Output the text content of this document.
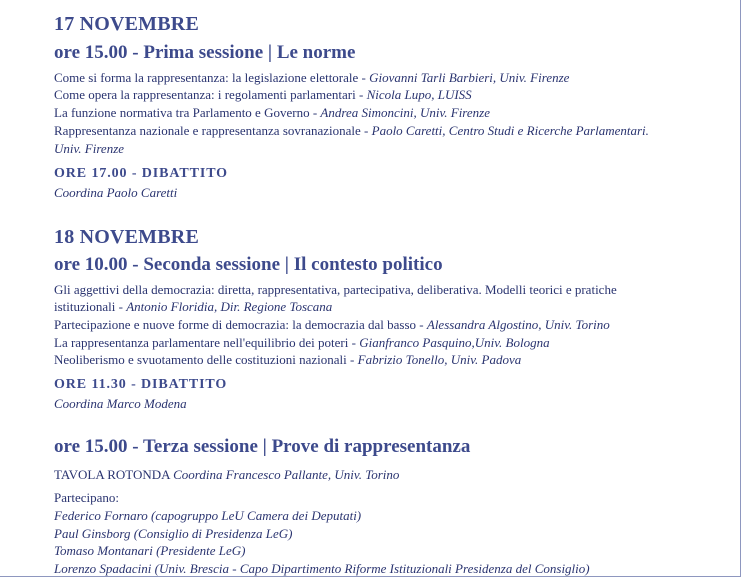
17 NOVEMBRE
ore 15.00 - Prima sessione | Le norme
Come si forma la rappresentanza: la legislazione elettorale - Giovanni Tarli Barbieri, Univ. Firenze
Come opera la rappresentanza: i regolamenti parlamentari - Nicola Lupo, LUISS
La funzione normativa tra Parlamento e Governo - Andrea Simoncini, Univ. Firenze
Rappresentanza nazionale e rappresentanza sovranazionale - Paolo Caretti, Centro Studi e Ricerche Parlamentari.
Univ. Firenze
ORE 17.00 - DIBATTITO
Coordina Paolo Caretti
18 NOVEMBRE
ore 10.00 - Seconda sessione | Il contesto politico
Gli aggettivi della democrazia: diretta, rappresentativa, partecipativa, deliberativa. Modelli teorici e pratiche
istituzionali - Antonio Floridia, Dir. Regione Toscana
Partecipazione e nuove forme di democrazia: la democrazia dal basso - Alessandra Algostino, Univ. Torino
La rappresentanza parlamentare nell'equilibrio dei poteri - Gianfranco Pasquino,Univ. Bologna
Neoliberismo e svuotamento delle costituzioni nazionali - Fabrizio Tonello, Univ. Padova
ORE 11.30 - DIBATTITO
Coordina Marco Modena
ore 15.00 - Terza sessione | Prove di rappresentanza
TAVOLA ROTONDA Coordina Francesco Pallante, Univ. Torino
Partecipano:
Federico Fornaro (capogruppo LeU Camera dei Deputati)
Paul Ginsborg (Consiglio di Presidenza LeG)
Tomaso Montanari (Presidente LeG)
Lorenzo Spadacini (Univ. Brescia - Capo Dipartimento Riforme Istituzionali Presidenza del Consiglio)
